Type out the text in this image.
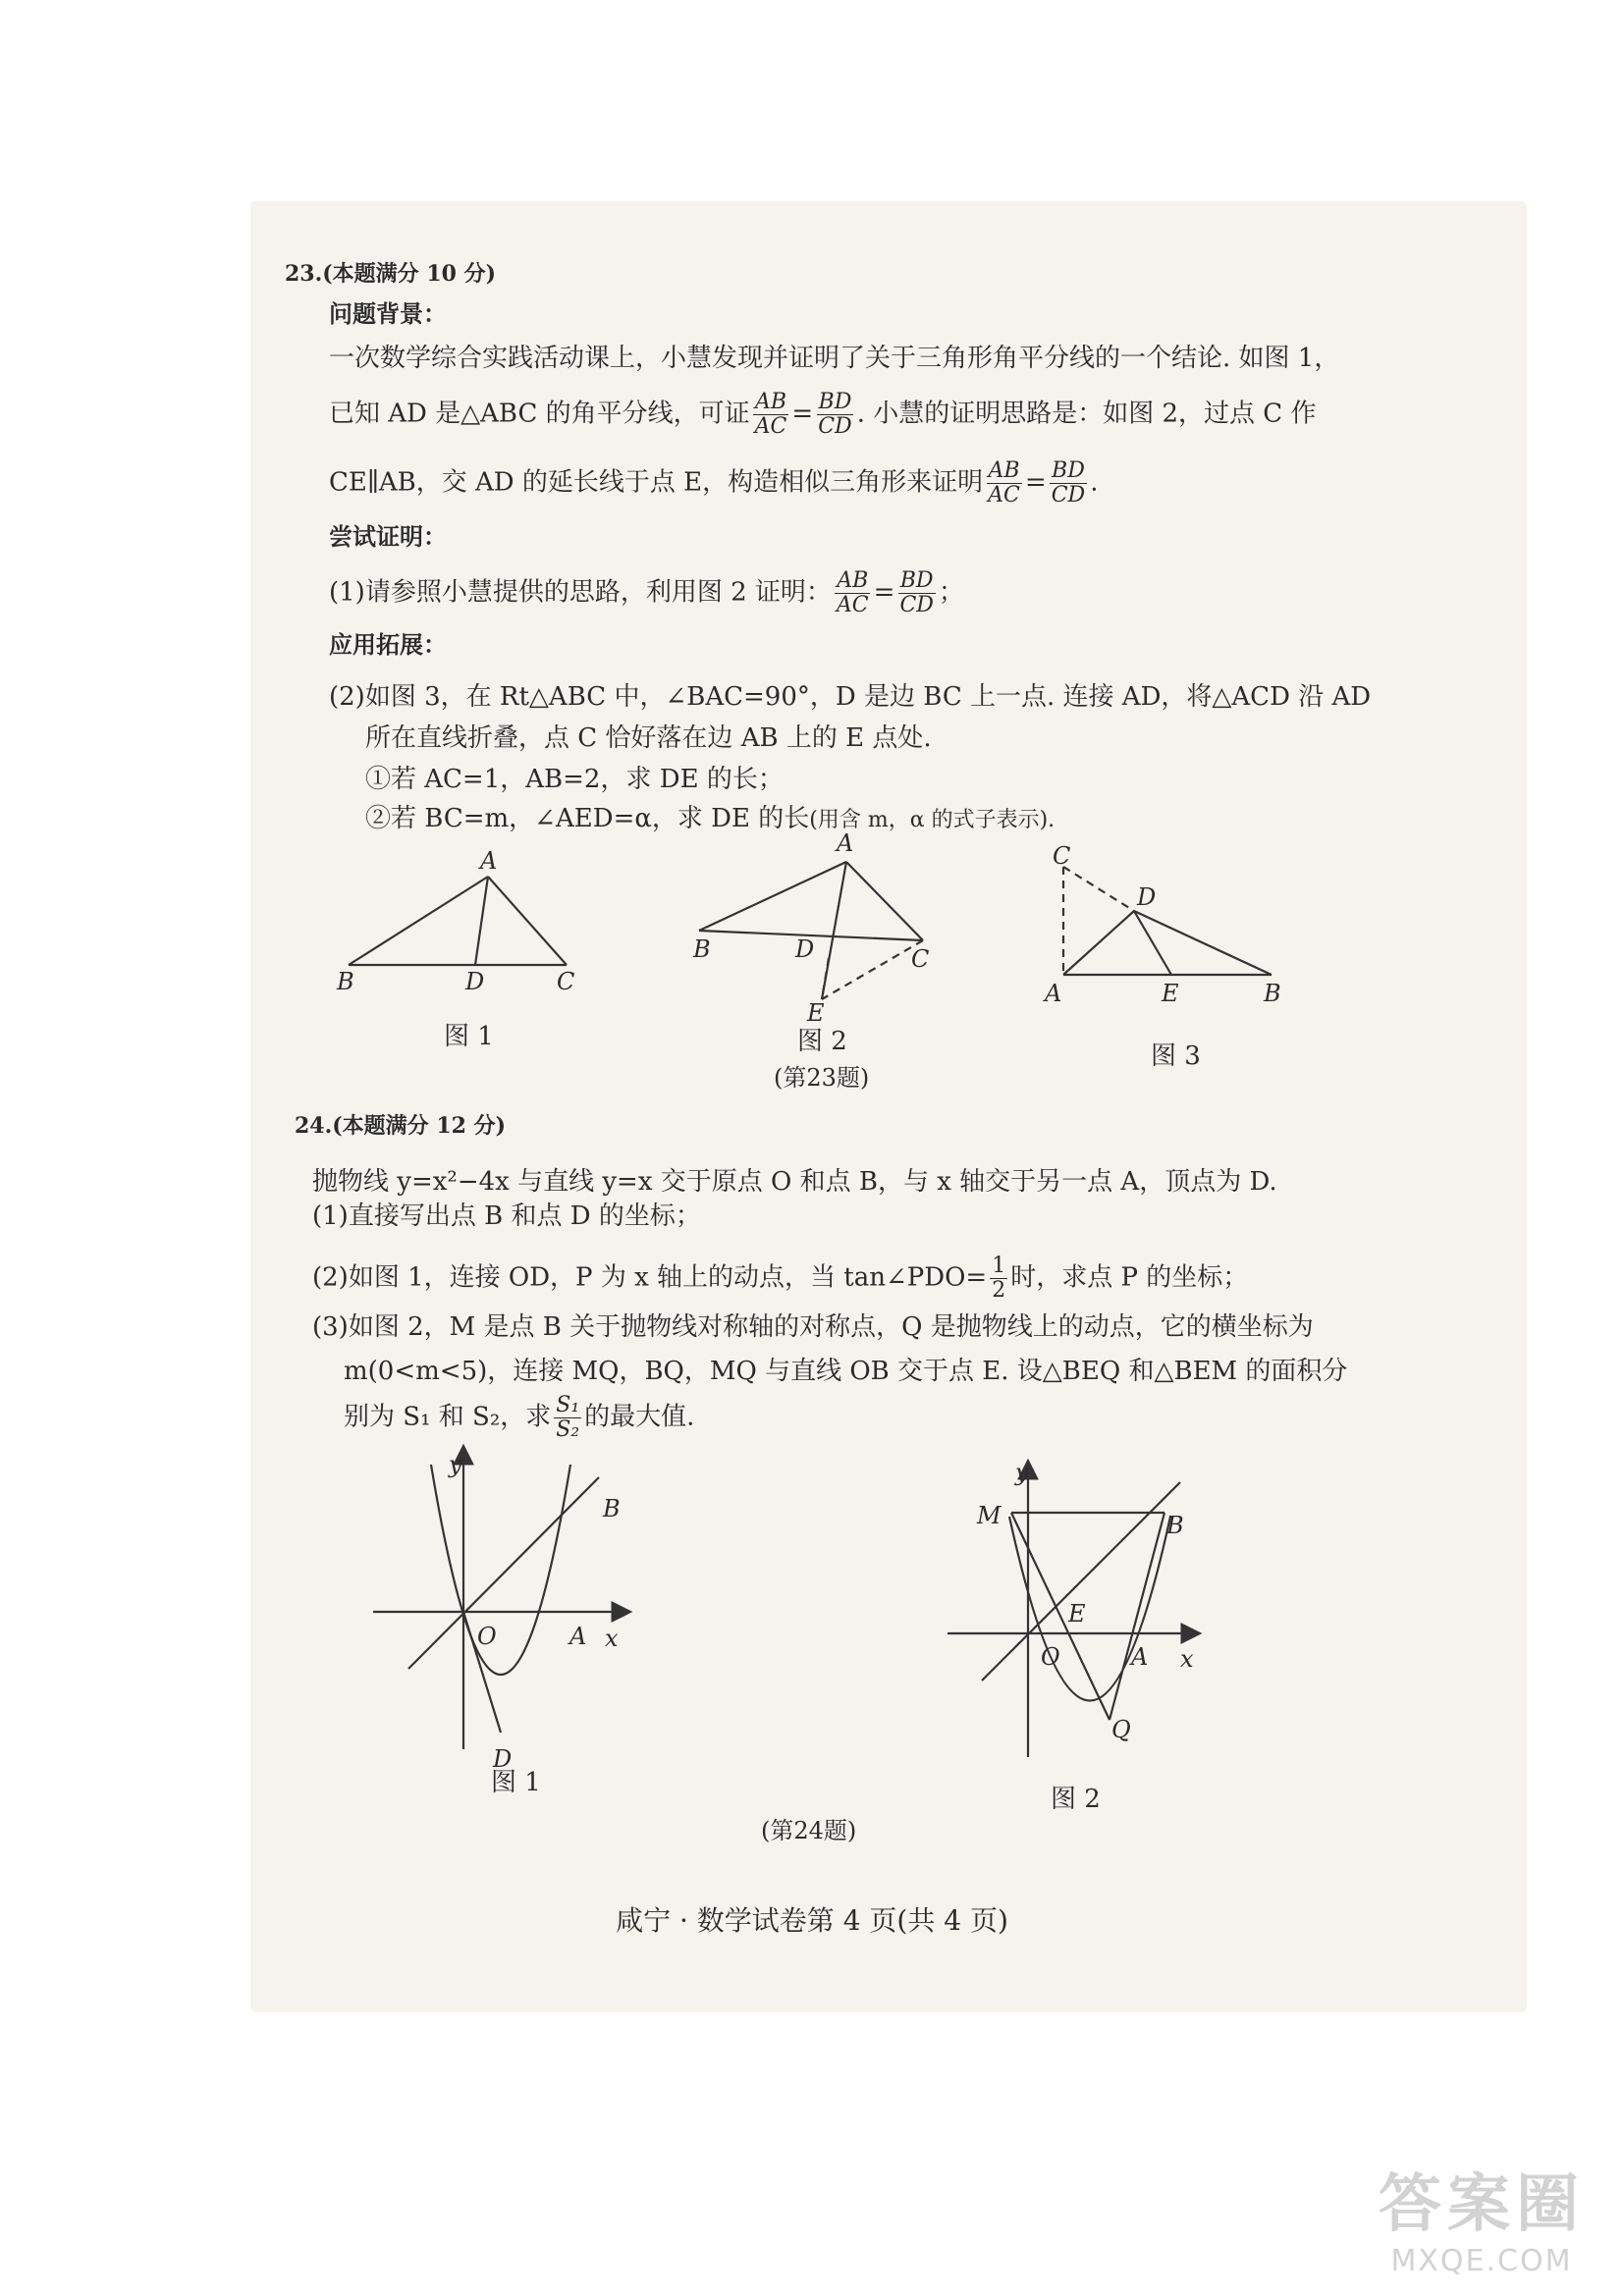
23.(本题满分 10 分)
问题背景：
一次数学综合实践活动课上，小慧发现并证明了关于三角形角平分线的一个结论. 如图 1，
已知 AD 是△ABC 的角平分线，可证 $\frac{AB}{AC} = \frac{BD}{CD}$ . 小慧的证明思路是：如图 2，过点 C 作
CE∥AB，交 AD 的延长线于点 E，构造相似三角形来证明 $\frac{AB}{AC} = \frac{BD}{CD}$ .
尝试证明：
(1)请参照小慧提供的思路，利用图 2 证明： $\frac{AB}{AC} = \frac{BD}{CD}$ ；
应用拓展：
(2)如图 3，在 Rt△ABC 中，∠BAC=90°，D 是边 BC 上一点. 连接 AD，将△ACD 沿 AD
所在直线折叠，点 C 恰好落在边 AB 上的 E 点处.
①若 AC=1，AB=2，求 DE 的长；
②若 BC=m，∠AED=α，求 DE 的长(用含 m，α 的式子表示).
A
B	D	C
A
B	D	C
E
C
D
A	E	B
图 1	图 2	图 3
(第23题)
24.(本题满分 12 分)
抛物线 y=x²−4x 与直线 y=x 交于原点 O 和点 B，与 x 轴交于另一点 A，顶点为 D.
(1)直接写出点 B 和点 D 的坐标；
(2)如图 1，连接 OD，P 为 x 轴上的动点，当 tan∠PDO= $\frac{1}{2}$ 时，求点 P 的坐标；
(3)如图 2，M 是点 B 关于抛物线对称轴的对称点，Q 是抛物线上的动点，它的横坐标为
m(0<m<5)，连接 MQ，BQ，MQ 与直线 OB 交于点 E. 设△BEQ 和△BEM 的面积分
别为 S₁ 和 S₂，求 $\frac{\text{S₁}}{\text{S₂}}$ 的最大值.
y
B
O	A x
D
y
M	B
E
O	A x
Q
图 1
图 2
(第24题)
咸宁 · 数学试卷第 4 页(共 4 页)
答案圈
MXQE.COM
